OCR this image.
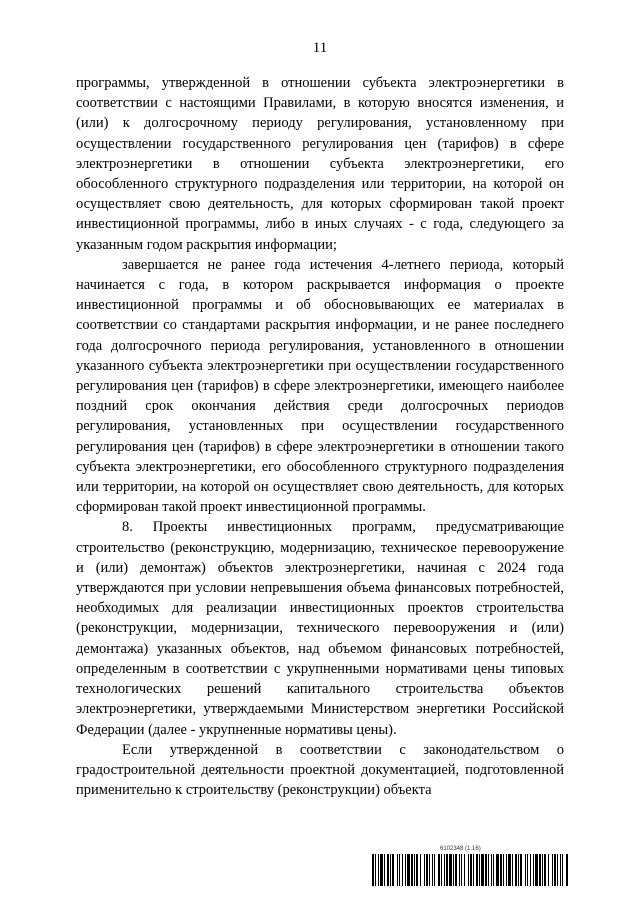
11

программы, утвержденной в отношении субъекта электроэнергетики в соответствии с настоящими Правилами, в которую вносятся изменения, и (или) к долгосрочному периоду регулирования, установленному при осуществлении государственного регулирования цен (тарифов) в сфере электроэнергетики в отношении субъекта электроэнергетики, его обособленного структурного подразделения или территории, на которой он осуществляет свою деятельность, для которых сформирован такой проект инвестиционной программы, либо в иных случаях - с года, следующего за указанным годом раскрытия информации;

завершается не ранее года истечения 4-летнего периода, который начинается с года, в котором раскрывается информация о проекте инвестиционной программы и об обосновывающих ее материалах в соответствии со стандартами раскрытия информации, и не ранее последнего года долгосрочного периода регулирования, установленного в отношении указанного субъекта электроэнергетики при осуществлении государственного регулирования цен (тарифов) в сфере электроэнергетики, имеющего наиболее поздний срок окончания действия среди долгосрочных периодов регулирования, установленных при осуществлении государственного регулирования цен (тарифов) в сфере электроэнергетики в отношении такого субъекта электроэнергетики, его обособленного структурного подразделения или территории, на которой он осуществляет свою деятельность, для которых сформирован такой проект инвестиционной программы.

8. Проекты инвестиционных программ, предусматривающие строительство (реконструкцию, модернизацию, техническое перевооружение и (или) демонтаж) объектов электроэнергетики, начиная с 2024 года утверждаются при условии непревышения объема финансовых потребностей, необходимых для реализации инвестиционных проектов строительства (реконструкции, модернизации, технического перевооружения и (или) демонтажа) указанных объектов, над объемом финансовых потребностей, определенным в соответствии с укрупненными нормативами цены типовых технологических решений капитального строительства объектов электроэнергетики, утверждаемыми Министерством энергетики Российской Федерации (далее - укрупненные нормативы цены).

Если утвержденной в соответствии с законодательством о градостроительной деятельности проектной документацией, подготовленной применительно к строительству (реконструкции) объекта

6102348 (1.16)
